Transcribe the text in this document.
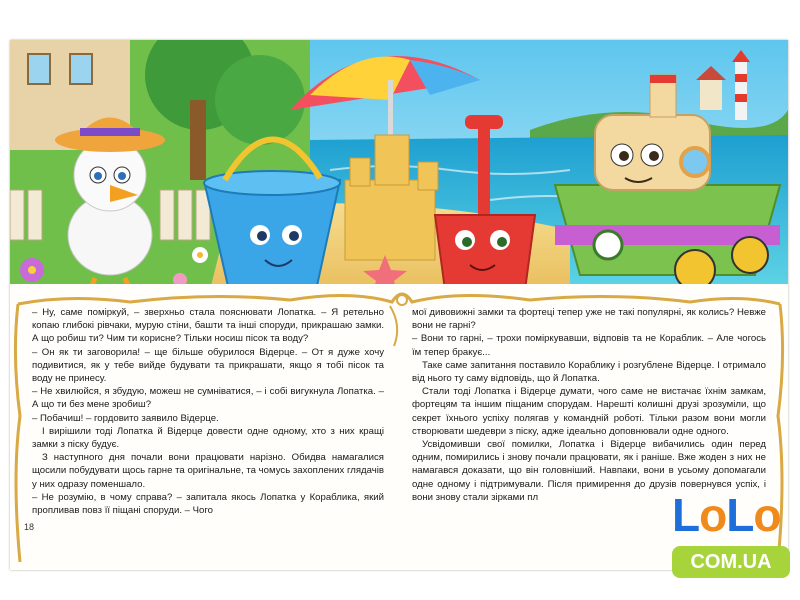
– Ну, саме поміркуй, – зверхньо стала пояснювати Лопатка. – Я ретельно копаю глибокі рівчаки, мурую стіни, башти та інші споруди, прикрашаю замки. А що робиш ти? Чим ти корисне? Тільки носиш пісок та воду?

– Он як ти заговорила! – ще більше обурилося Відерце. – От я дуже хочу подивитися, як у тебе вийде будувати та прикрашати, якщо я тобі пісок та воду не принесу.

– Не хвилюйся, я збудую, можеш не сумніватися, – і собі вигукнула Лопатка. – А що ти без мене зробиш?

– Побачиш! – гордовито заявило Відерце.

І вирішили тоді Лопатка й Відерце довести одне одному, хто з них кращі замки з піску будує.

З наступного дня почали вони працювати нарізно. Обидва намагалися щосили побудувати щось гарне та оригінальне, та чомусь захоплених глядачів у них одразу поменшало.

– Не розумію, в чому справа? – запитала якось Лопатка у Кораблика, який пропливав повз її піщані споруди. – Чого

мої дивовижні замки та фортеці тепер уже не такі популярні, як колись? Невже вони не гарні?

– Вони то гарні, – трохи поміркувавши, відповів та не Кораблик. – Але чогось їм тепер бракує...

Таке саме запитання поставило Кораблику і розгублене Відерце. І отримало від нього ту саму відповідь, що й Лопатка.

Стали тоді Лопатка і Відерце думати, чого саме не вистачає їхнім замкам, фортецям та іншим піщаним спорудам. Нарешті колишні друзі зрозуміли, що секрет їхнього успіху полягав у командній роботі. Тільки разом вони могли створювати шедеври з піску, адже ідеально доповнювали одне одного.

Усвідомивши свої помилки, Лопатка і Відерце вибачились один перед одним, помирились і знову почали працювати, як і раніше. Вже жоден з них не намагався доказати, що він головніший. Навпаки, вони в усьому допомагали одне одному і підтримували. Після примирення до друзів повернувся успіх, і вони знову стали зірками пл

18	LoLo
COM.UA
